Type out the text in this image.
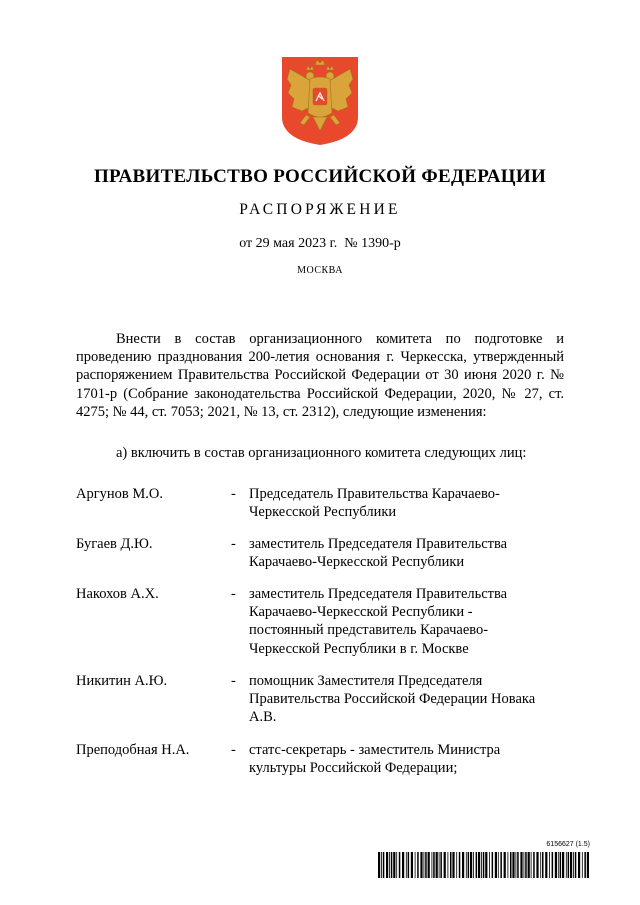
ПРАВИТЕЛЬСТВО РОССИЙСКОЙ ФЕДЕРАЦИИ
РАСПОРЯЖЕНИЕ
от 29 мая 2023 г.  № 1390-р
МОСКВА
Внести в состав организационного комитета по подготовке и проведению празднования 200-летия основания г. Черкесска, утвержденный распоряжением Правительства Российской Федерации от 30 июня 2020 г. № 1701-р (Собрание законодательства Российской Федерации, 2020, № 27, ст. 4275; № 44, ст. 7053; 2021, № 13, ст. 2312), следующие изменения:
а) включить в состав организационного комитета следующих лиц:
Аргунов М.О.	- Председатель Правительства Карачаево-Черкесской Республики
Бугаев Д.Ю.	- заместитель Председателя Правительства Карачаево-Черкесской Республики
Накохов А.Х.	- заместитель Председателя Правительства Карачаево-Черкесской Республики - постоянный представитель Карачаево-Черкесской Республики в г. Москве
Никитин А.Ю.	- помощник Заместителя Председателя Правительства Российской Федерации Новака А.В.
Преподобная Н.А.	- статс-секретарь - заместитель Министра культуры Российской Федерации;
6156627 (1.5)
